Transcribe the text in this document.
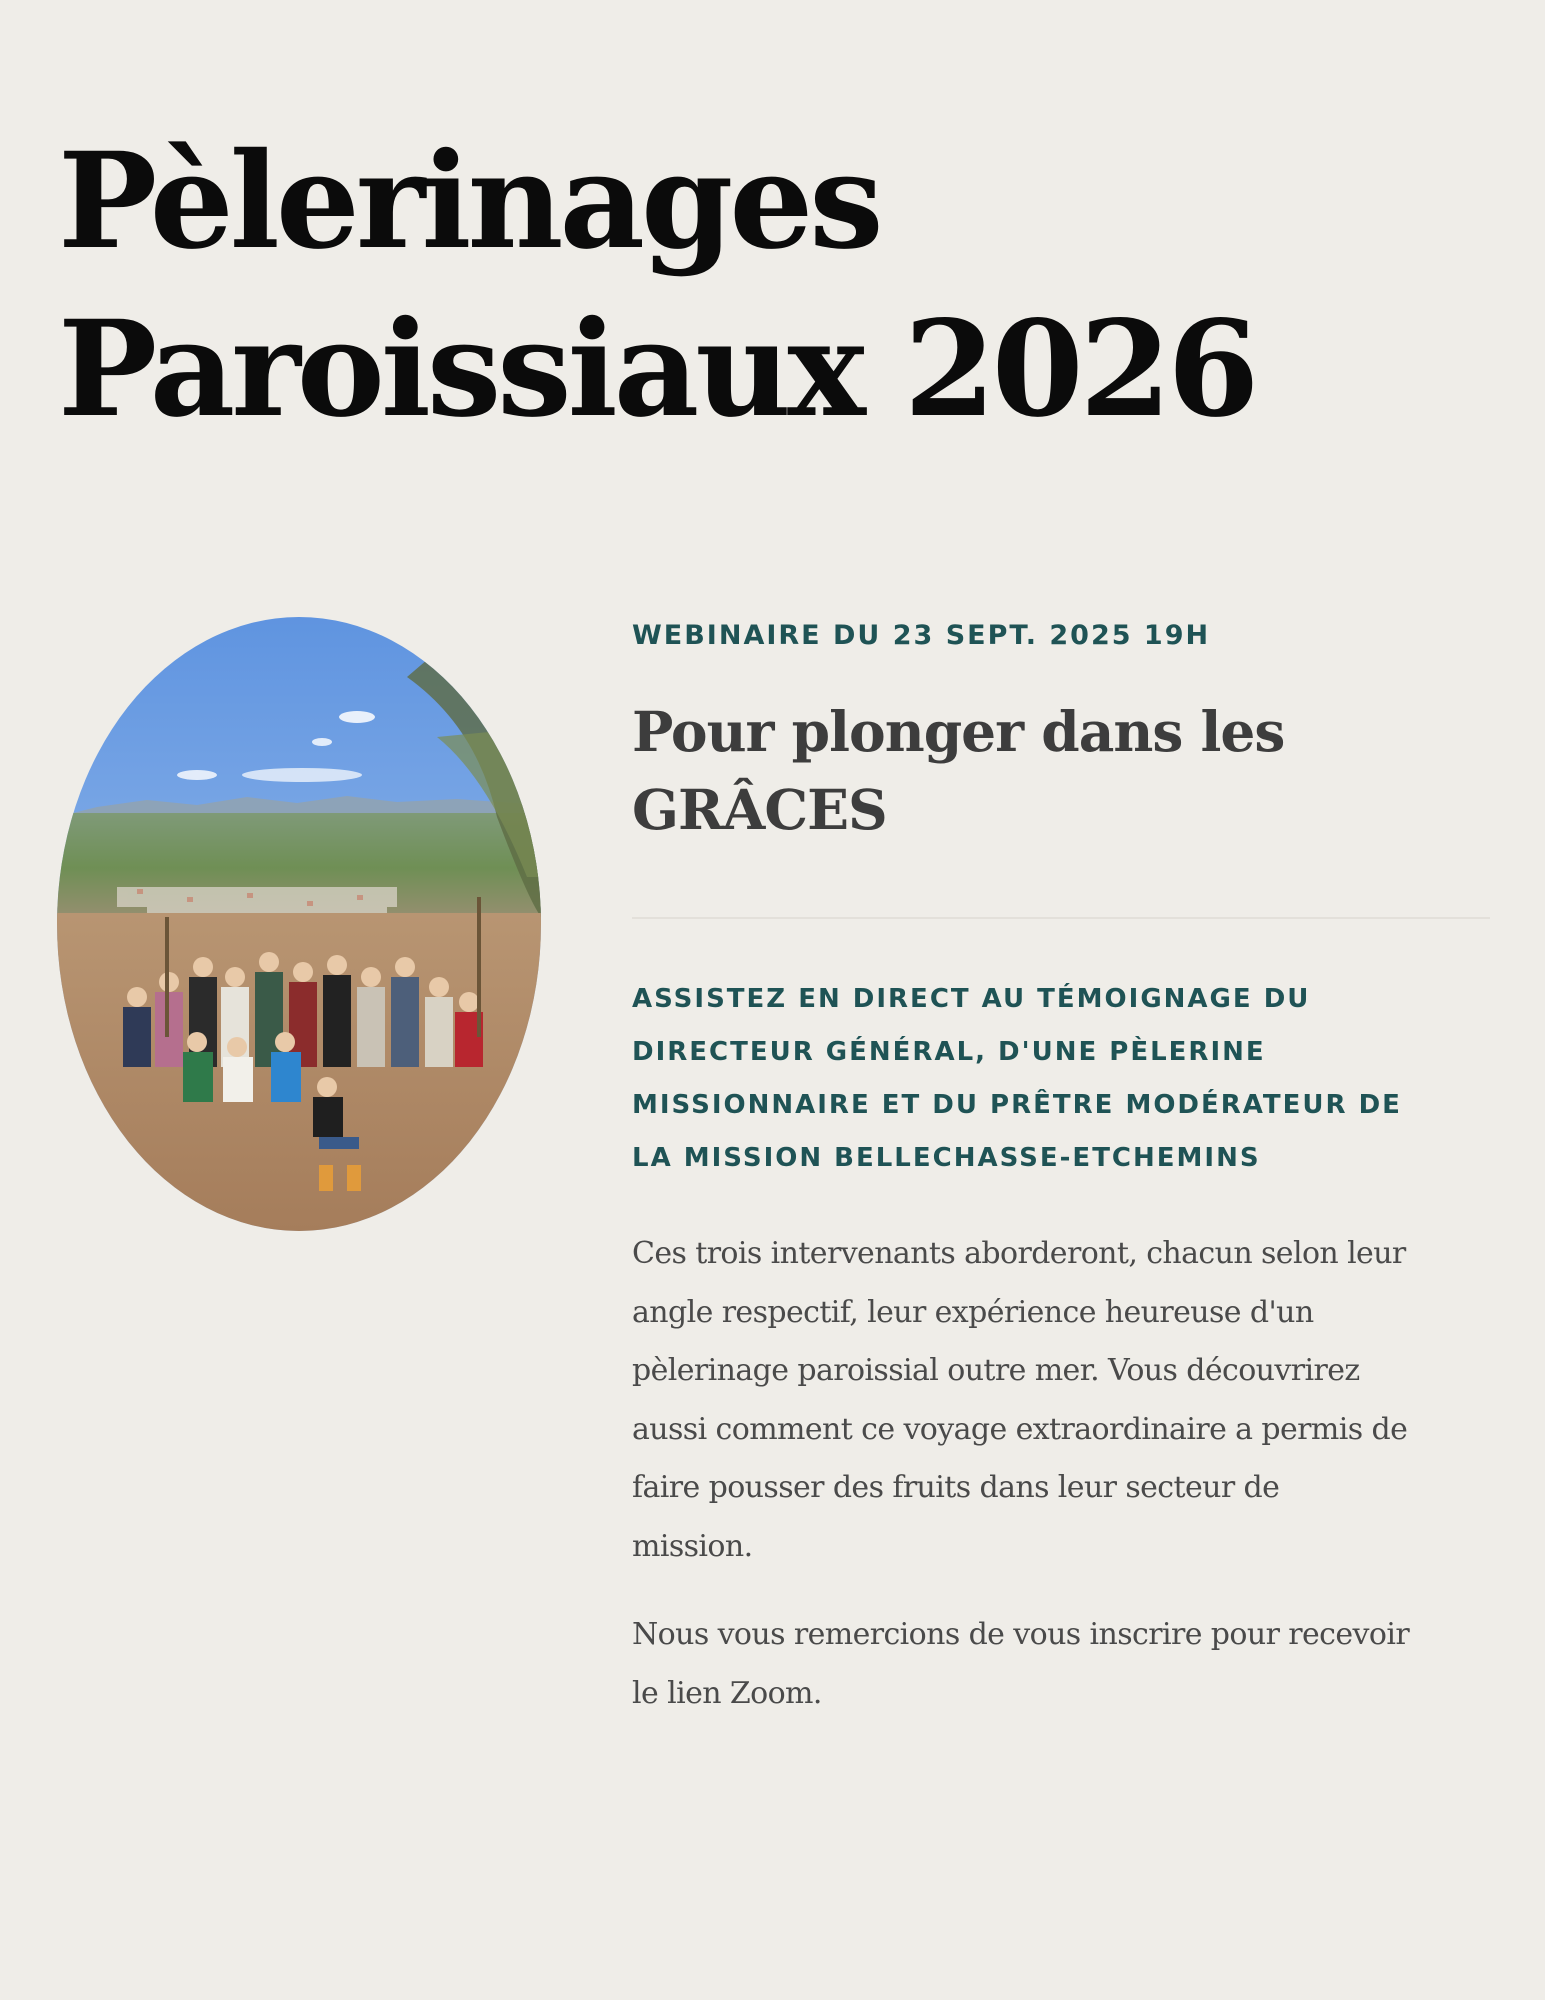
Pèlerinages
Paroissiaux 2026

WEBINAIRE DU 23 SEPT. 2025 19H

Pour plonger dans les
GRÂCES
ASSISTEZ EN DIRECT AU TÉMOIGNAGE DU
DIRECTEUR GÉNÉRAL, D'UNE PÈLERINE
MISSIONNAIRE ET DU PRÊTRE MODÉRATEUR DE
LA MISSION BELLECHASSE-ETCHEMINS

Ces trois intervenants aborderont, chacun selon leur
angle respectif, leur expérience heureuse d'un
pèlerinage paroissial outre mer. Vous découvrirez
aussi comment ce voyage extraordinaire a permis de
faire pousser des fruits dans leur secteur de
mission.

Nous vous remercions de vous inscrire pour recevoir
le lien Zoom.
